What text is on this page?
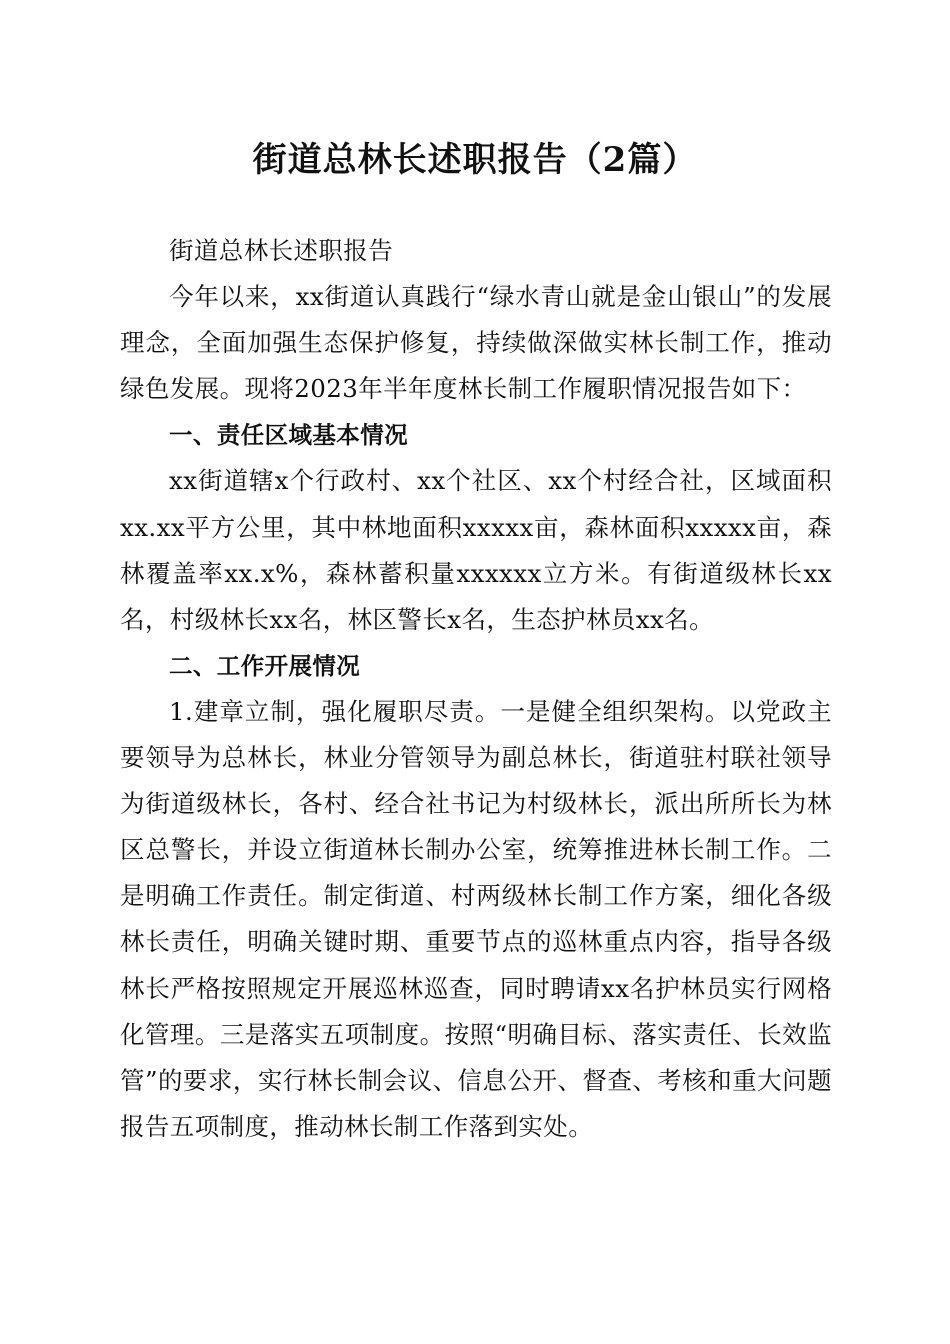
街道总林长述职报告（2篇）

街道总林长述职报告

今年以来，xx街道认真践行“绿水青山就是金山银山”的发展理念，全面加强生态保护修复，持续做深做实林长制工作，推动绿色发展。现将2023年半年度林长制工作履职情况报告如下：

一、责任区域基本情况

xx街道辖x个行政村、xx个社区、xx个村经合社，区域面积xx.xx平方公里，其中林地面积xxxxx亩，森林面积xxxxx亩，森林覆盖率xx.x%，森林蓄积量xxxxxx立方米。有街道级林长xx名，村级林长xx名，林区警长x名，生态护林员xx名。

二、工作开展情况

1.建章立制，强化履职尽责。一是健全组织架构。以党政主要领导为总林长，林业分管领导为副总林长，街道驻村联社领导为街道级林长，各村、经合社书记为村级林长，派出所所长为林区总警长，并设立街道林长制办公室，统筹推进林长制工作。二是明确工作责任。制定街道、村两级林长制工作方案，细化各级林长责任，明确关键时期、重要节点的巡林重点内容，指导各级林长严格按照规定开展巡林巡查，同时聘请xx名护林员实行网格化管理。三是落实五项制度。按照“明确目标、落实责任、长效监管”的要求，实行林长制会议、信息公开、督查、考核和重大问题报告五项制度，推动林长制工作落到实处。
